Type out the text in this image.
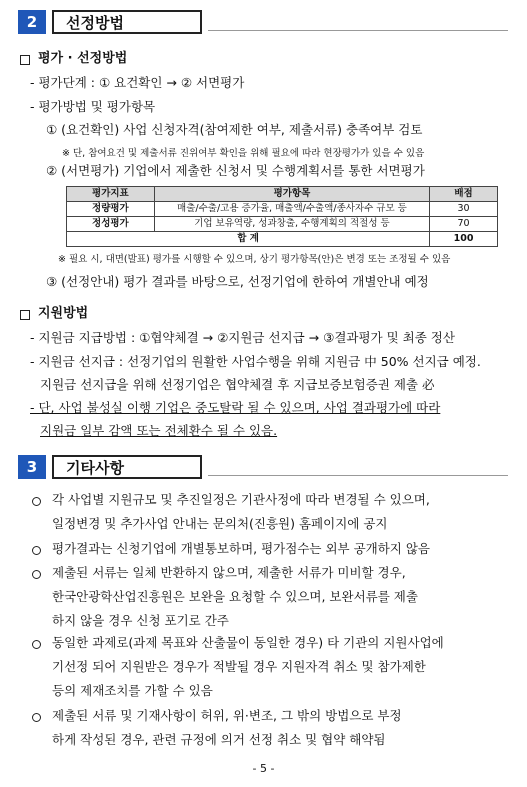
2	선정방법
평가 · 선정방법
- 평가단계 : ① 요건확인 → ② 서면평가
- 평가방법 및 평가항목
① (요건확인) 사업 신청자격(참여제한 여부, 제출서류) 충족여부 검토
※ 단, 참여요건 및 제출서류 진위여부 확인을 위해 필요에 따라 현장평가가 있을 수 있음
② (서면평가) 기업에서 제출한 신청서 및 수행계획서를 통한 서면평가
평가지표	평가항목	배점
정량평가	매출/수출/고용 증가율, 매출액/수출액/종사자수 규모 등	30
정성평가	기업 보유역량, 성과창출, 수행계획의 적절성 등	70
합 계		100
※ 필요 시, 대면(발표) 평가를 시행할 수 있으며, 상기 평가항목(안)은 변경 또는 조정될 수 있음
③ (선정안내) 평가 결과를 바탕으로, 선정기업에 한하여 개별안내 예정
지원방법
- 지원금 지급방법 : ①협약체결 → ②지원금 선지급 → ③결과평가 및 최종 정산
- 지원금 선지급 : 선정기업의 원활한 사업수행을 위해 지원금 中 50% 선지급 예정.
지원금 선지급을 위해 선정기업은 협약체결 후 지급보증보험증권 제출 必
- 단, 사업 불성실 이행 기업은 중도탈락 될 수 있으며, 사업 결과평가에 따라
지원금 일부 감액 또는 전체환수 될 수 있음.
3	기타사항
각 사업별 지원규모 및 추진일정은 기관사정에 따라 변경될 수 있으며,
일정변경 및 추가사업 안내는 문의처(진흥원) 홈페이지에 공지
평가결과는 신청기업에 개별통보하며, 평가점수는 외부 공개하지 않음
제출된 서류는 일체 반환하지 않으며, 제출한 서류가 미비할 경우,
한국안광학산업진흥원은 보완을 요청할 수 있으며, 보완서류를 제출
하지 않을 경우 신청 포기로 간주
동일한 과제로(과제 목표와 산출물이 동일한 경우) 타 기관의 지원사업에
기선정 되어 지원받은 경우가 적발될 경우 지원자격 취소 및 참가제한
등의 제재조치를 가할 수 있음
제출된 서류 및 기재사항이 허위, 위·변조, 그 밖의 방법으로 부정
하게 작성된 경우, 관련 규정에 의거 선정 취소 및 협약 해약됨
- 5 -
